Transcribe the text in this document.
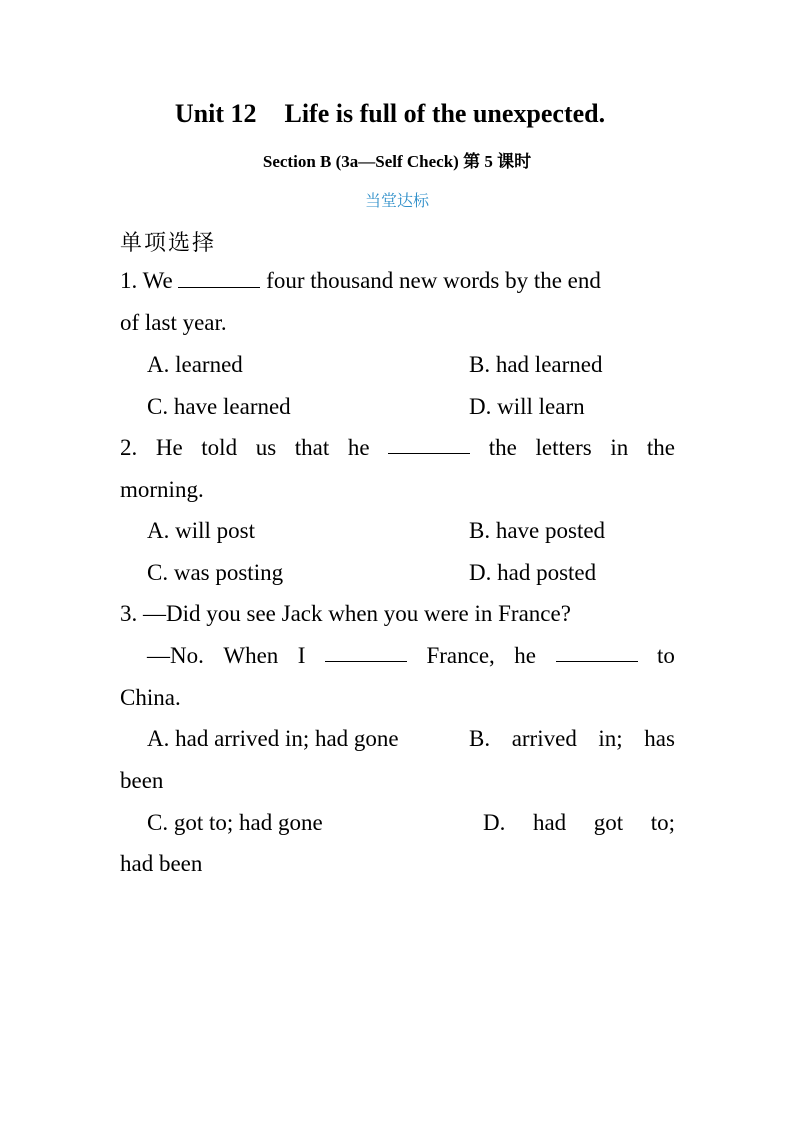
Unit 12 Life is full of the unexpected.
Section B (3a—Self Check) 第 5 课时
当堂达标
单项选择
1. We	four thousand new words by the end
of last year.
A. learned	B. had learned
C. have learned	D. will learn
2. He told us that he	the letters in the
morning.
A. will post	B. have posted
C. was posting	D. had posted
3. —Did you see Jack when you were in France?
—No. When I	France, he	to
China.
A. had arrived in; had gone	B. arrived in; has
been
C. got to; had gone	D. had got to;
had been
